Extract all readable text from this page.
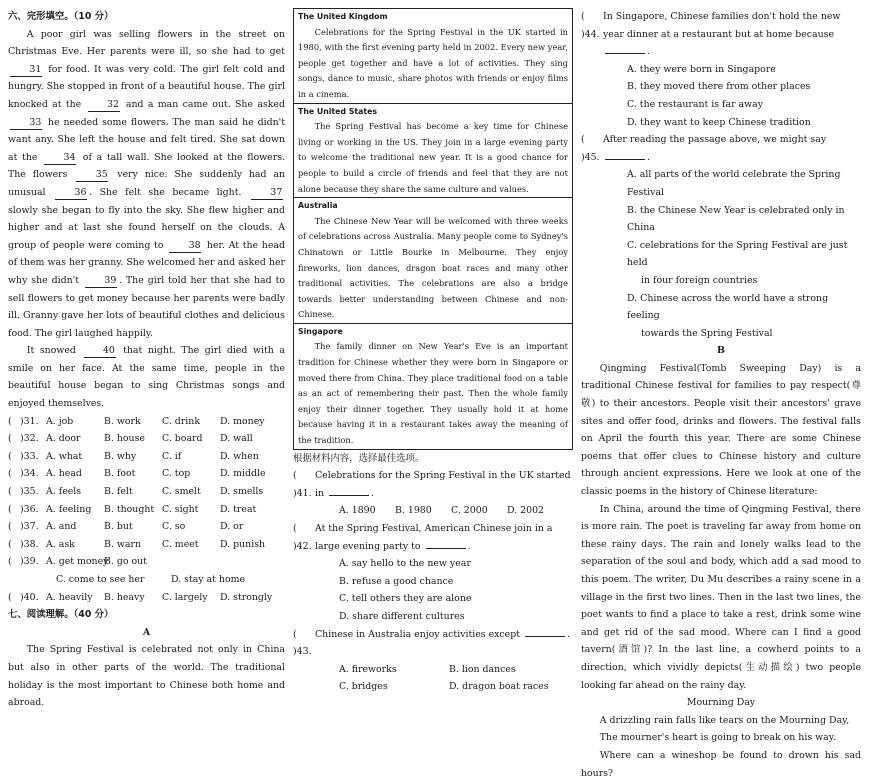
六、完形填空。（10 分）
A poor girl was selling flowers in the street on Christmas Eve. Her parents were ill, so she had to get 31 for food. It was very cold. The girl felt cold and hungry. She stopped in front of a beautiful house. The girl knocked at the 32 and a man came out. She asked 33 he needed some flowers. The man said he didn't want any. She left the house and felt tired. She sat down at the 34 of a tall wall. She looked at the flowers. The flowers 35 very nice. She suddenly had an unusual 36 . She felt she became light. 37 slowly she began to fly into the sky. She flew higher and higher and at last she found herself on the clouds. A group of people were coming to 38 her. At the head of them was her granny. She welcomed her and asked her why she didn't 39 . The girl told her that she had to sell flowers to get money because her parents were badly ill. Granny gave her lots of beautiful clothes and delicious food. The girl laughed happily.
It snowed 40 that night. The girl died with a smile on her face. At the same time, people in the beautiful house began to sing Christmas songs and enjoyed themselves.
( )31. A. job	B. work	C. drink	D. money
( )32. A. door	B. house	C. board	D. wall
( )33. A. what	B. why	C. if	D. when
( )34. A. head	B. foot	C. top	D. middle
( )35. A. feels	B. felt	C. smelt	D. smells
( )36. A. feeling	B. thought C. sight	D. treat
( )37. A. and	B. but	C. so	D. or
( )38. A. ask	B. warn	C. meet	D. punish
( )39. A. get money
B. go out
C. come to see her	D. stay at home
( )40. A. heavily	B. heavy	C. largely	D. strongly
七、阅读理解。（40 分）
A
The Spring Festival is celebrated not only in China but also in other parts of the world. The traditional holiday is the most important to Chinese both home and abroad.
The United Kingdom
Celebrations for the Spring Festival in the UK started in 1980, with the first evening party held in 2002. Every new year, people get together and have a lot of activities. They sing songs, dance to music, share photos with friends or enjoy films in a cinema.
The United States
The Spring Festival has become a key time for Chinese living or working in the US. They join in a large evening party to welcome the traditional new year. It is a good chance for people to build a circle of friends and feel that they are not alone because they share the same culture and values.
Australia
The Chinese New Year will be welcomed with three weeks of celebrations across Australia. Many people come to Sydney's Chinatown or Little Bourke in Melbourne. They enjoy fireworks, lion dances, dragon boat races and many other traditional activities. The celebrations are also a bridge towards better understanding between Chinese and non-Chinese.
Singapore
The family dinner on New Year's Eve is an important tradition for Chinese whether they were born in Singapore or moved there from China. They place traditional food on a table as an act of remembering their past. Then the whole family enjoy their dinner together. They usually hold it at home because having it in a restaurant takes away the meaning of the tradition.
根据材料内容，选择最佳选项。
( )41.
Celebrations for the Spring Festival in the UK started in	.
A. 1890	B. 1980	C. 2000	D. 2002
( )42.
At the Spring Festival, American Chinese join in a large evening party to	.
A. say hello to the new year
B. refuse a good chance
C. tell others they are alone
D. share different cultures
( )43.
Chinese in Australia enjoy activities except	.
A. fireworks	B. lion dances
C. bridges	D. dragon boat races
( )44.
In Singapore, Chinese families don't hold the new year dinner at a restaurant but at home because .
A. they were born in Singapore
B. they moved there from other places
C. the restaurant is far away
D. they want to keep Chinese tradition
( )45.
After reading the passage above, we might say .
A. all parts of the world celebrate the Spring Festival
B. the Chinese New Year is celebrated only in China
C. celebrations for the Spring Festival are just held
in four foreign countries
D. Chinese across the world have a strong feeling
towards the Spring Festival
B
Qingming Festival(Tomb Sweeping Day) is a traditional Chinese festival for families to pay respect(尊敬) to their ancestors. People visit their ancestors' grave sites and offer food, drinks and flowers. The festival falls on April the fourth this year. There are some Chinese poems that offer clues to Chinese history and culture through ancient expressions. Here we look at one of the classic poems in the history of Chinese literature:
In China, around the time of Qingming Festival, there is more rain. The poet is traveling far away from home on these rainy days. The rain and lonely walks lead to the separation of the soul and body, which add a sad mood to this poem. The writer, Du Mu describes a rainy scene in a village in the first two lines. Then in the last two lines, the poet wants to find a place to take a rest, drink some wine and get rid of the sad mood. Where can I find a good tavern(酒馆)? In the last line, a cowherd points to a direction, which vividly depicts(生动描绘) two people looking far ahead on the rainy day.
Mourning Day
A drizzling rain falls like tears on the Mourning Day,
The mourner's heart is going to break on his way.
Where can a wineshop be found to drown his sad hours?
